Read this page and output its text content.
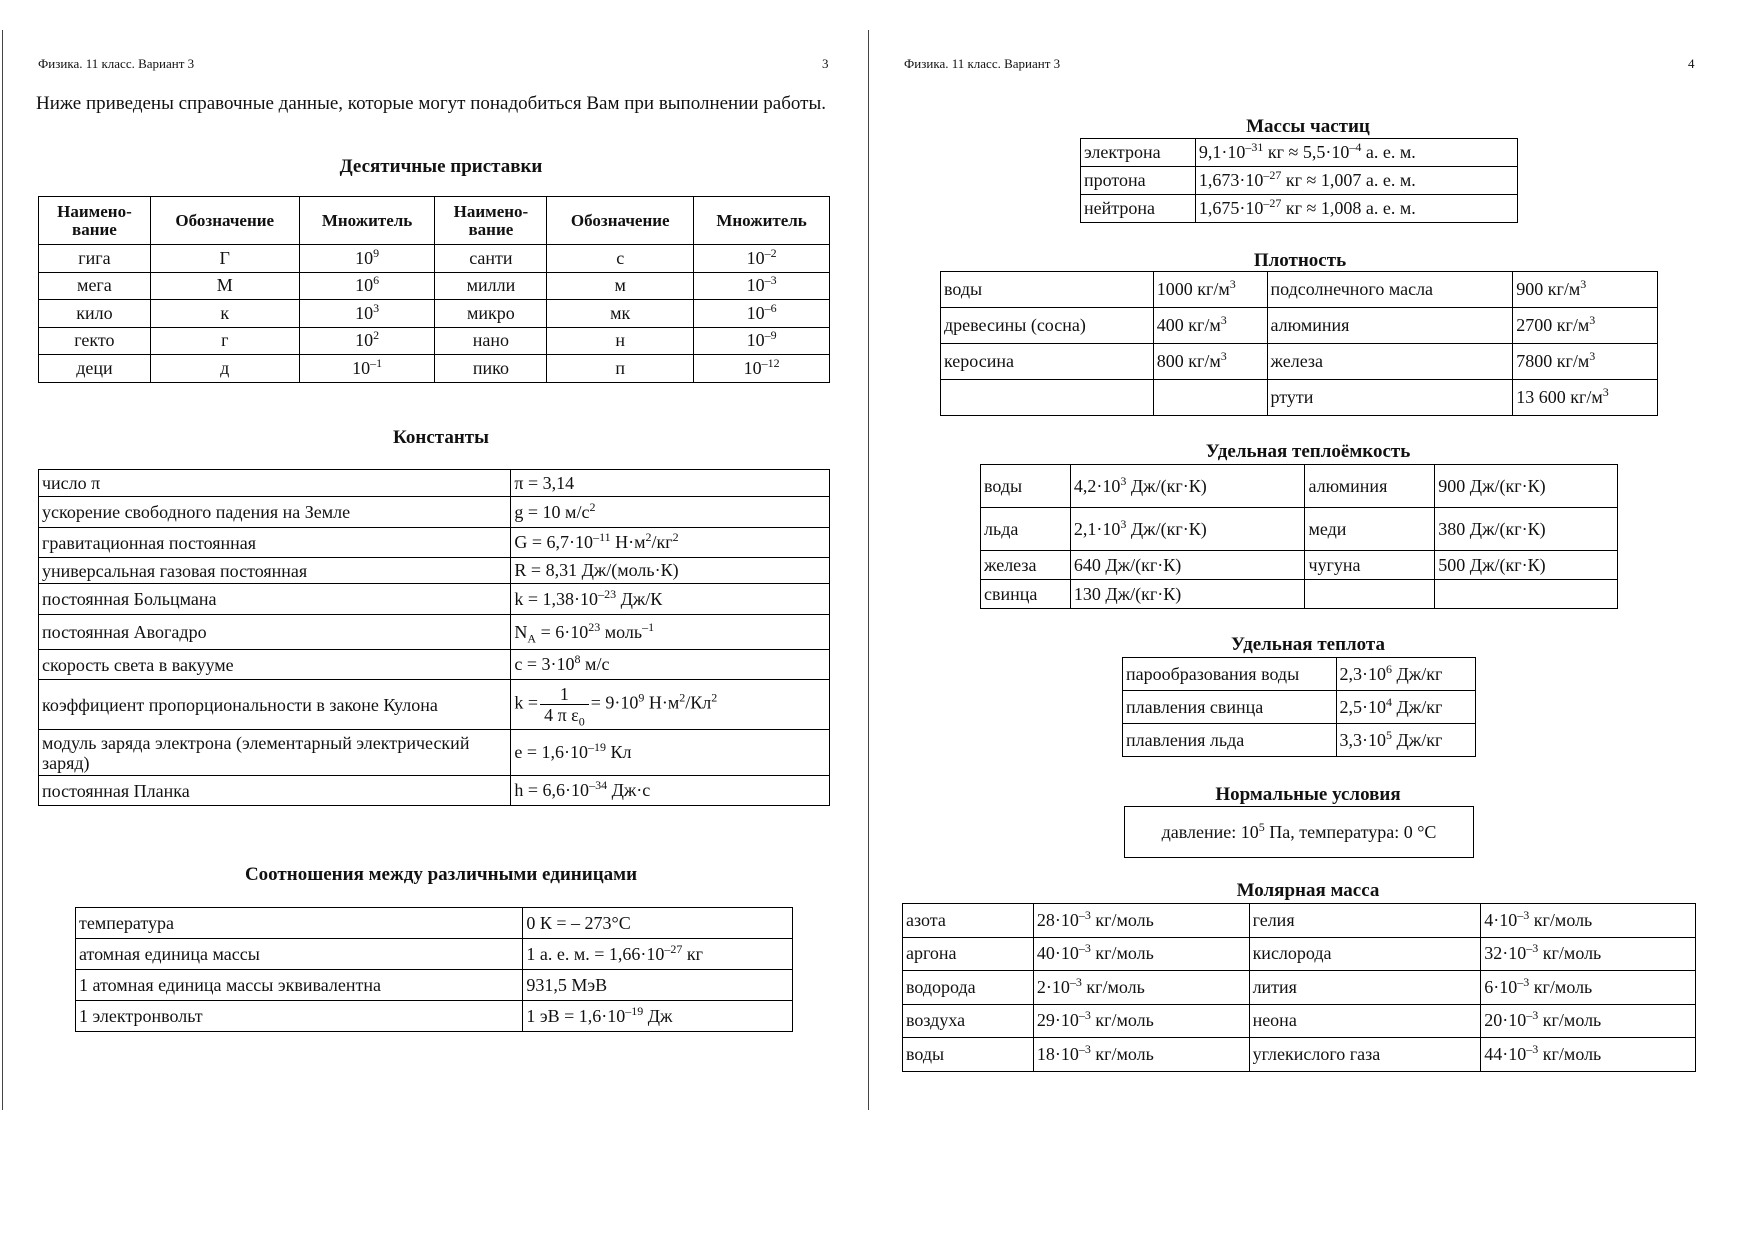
Физика. 11 класс. Вариант 3	3
Ниже приведены справочные данные, которые могут понадобиться Вам при выполнении работы.
Десятичные приставки
Наимено-вание	Обозначение	Множитель	Наимено-вание	Обозначение	Множитель
гига	Г	$10^9$	санти	с	$10^{-2}$
мега	М	$10^6$	милли	м	$10^{-3}$
кило	к	$10^3$	микро	мк	$10^{-6}$
гекто	г	$10^2$	нано	н	$10^{-9}$
деци	д	$10^{-1}$	пико	п	$10^{-12}$
Константы
число π	π = 3,14
ускорение свободного падения на Земле	g = 10 $м/с^2$
гравитационная постоянная	$G = 6,7\cdot 10^{-11}$ $Н\cdot м^2/кг^2$
универсальная газовая постоянная	R = 8,31 Дж/(моль·К)
постоянная Больцмана	$k = 1,38\cdot 10^{-23}$ Дж/К
постоянная Авогадро	$N_А = 6\cdot 10^{23}$ моль$^{-1}$
скорость света в вакууме	$c = 3\cdot 10^8$ м/с
коэффициент пропорциональности в законе Кулона	$k = \frac{1}{4 \pi \varepsilon_0} = 9\cdot 10^9$ $Н\cdot м^2/Кл^2$
модуль заряда электрона (элементарный электрический заряд)	$e = 1,6\cdot 10^{-19}$ Кл
постоянная Планка	$h = 6,6\cdot 10^{-34}$ Дж·с
Соотношения между различными единицами
температура	0 К = – 273°С
атомная единица массы	1 а. е. м. = $1,66\cdot 10^{-27}$ кг
1 атомная единица массы эквивалентна	931,5 МэВ
1 электронвольт	1 эВ = $1,6\cdot 10^{-19}$ Дж
Физика. 11 класс. Вариант 3	4
Массы частиц
электрона	$9,1\cdot 10^{-31}$ кг ≈ $5,5\cdot 10^{-4}$ а. е. м.
протона	$1,673\cdot 10^{-27}$ кг ≈ 1,007 а. е. м.
нейтрона	$1,675\cdot 10^{-27}$ кг ≈ 1,008 а. е. м.
Плотность
воды	1000 $кг/м^3$	подсолнечного масла	900 $кг/м^3$
древесины (сосна)	400 $кг/м^3$	алюминия	2700 $кг/м^3$
керосина	800 $кг/м^3$	железа	7800 $кг/м^3$
		ртути	13 600 $кг/м^3$
Удельная теплоёмкость
воды	$4,2\cdot 10^3$ Дж/(кг·К)	алюминия	900 Дж/(кг·К)
льда	$2,1\cdot 10^3$ Дж/(кг·К)	меди	380 Дж/(кг·К)
железа	640 Дж/(кг·К)	чугуна	500 Дж/(кг·К)
свинца	130 Дж/(кг·К)		
Удельная теплота
парообразования воды	$2,3\cdot 10^6$ Дж/кг
плавления свинца	$2,5\cdot 10^4$ Дж/кг
плавления льда	$3,3\cdot 10^5$ Дж/кг
Нормальные условия
давление: $10^5$ Па, температура: 0 °С
Молярная масса
азота	$28\cdot 10^{-3}$ кг/моль	гелия	$4\cdot 10^{-3}$ кг/моль
аргона	$40\cdot 10^{-3}$ кг/моль	кислорода	$32\cdot 10^{-3}$ кг/моль
водорода	$2\cdot 10^{-3}$ кг/моль	лития	$6\cdot 10^{-3}$ кг/моль
воздуха	$29\cdot 10^{-3}$ кг/моль	неона	$20\cdot 10^{-3}$ кг/моль
воды	$18\cdot 10^{-3}$ кг/моль	углекислого газа	$44\cdot 10^{-3}$ кг/моль
